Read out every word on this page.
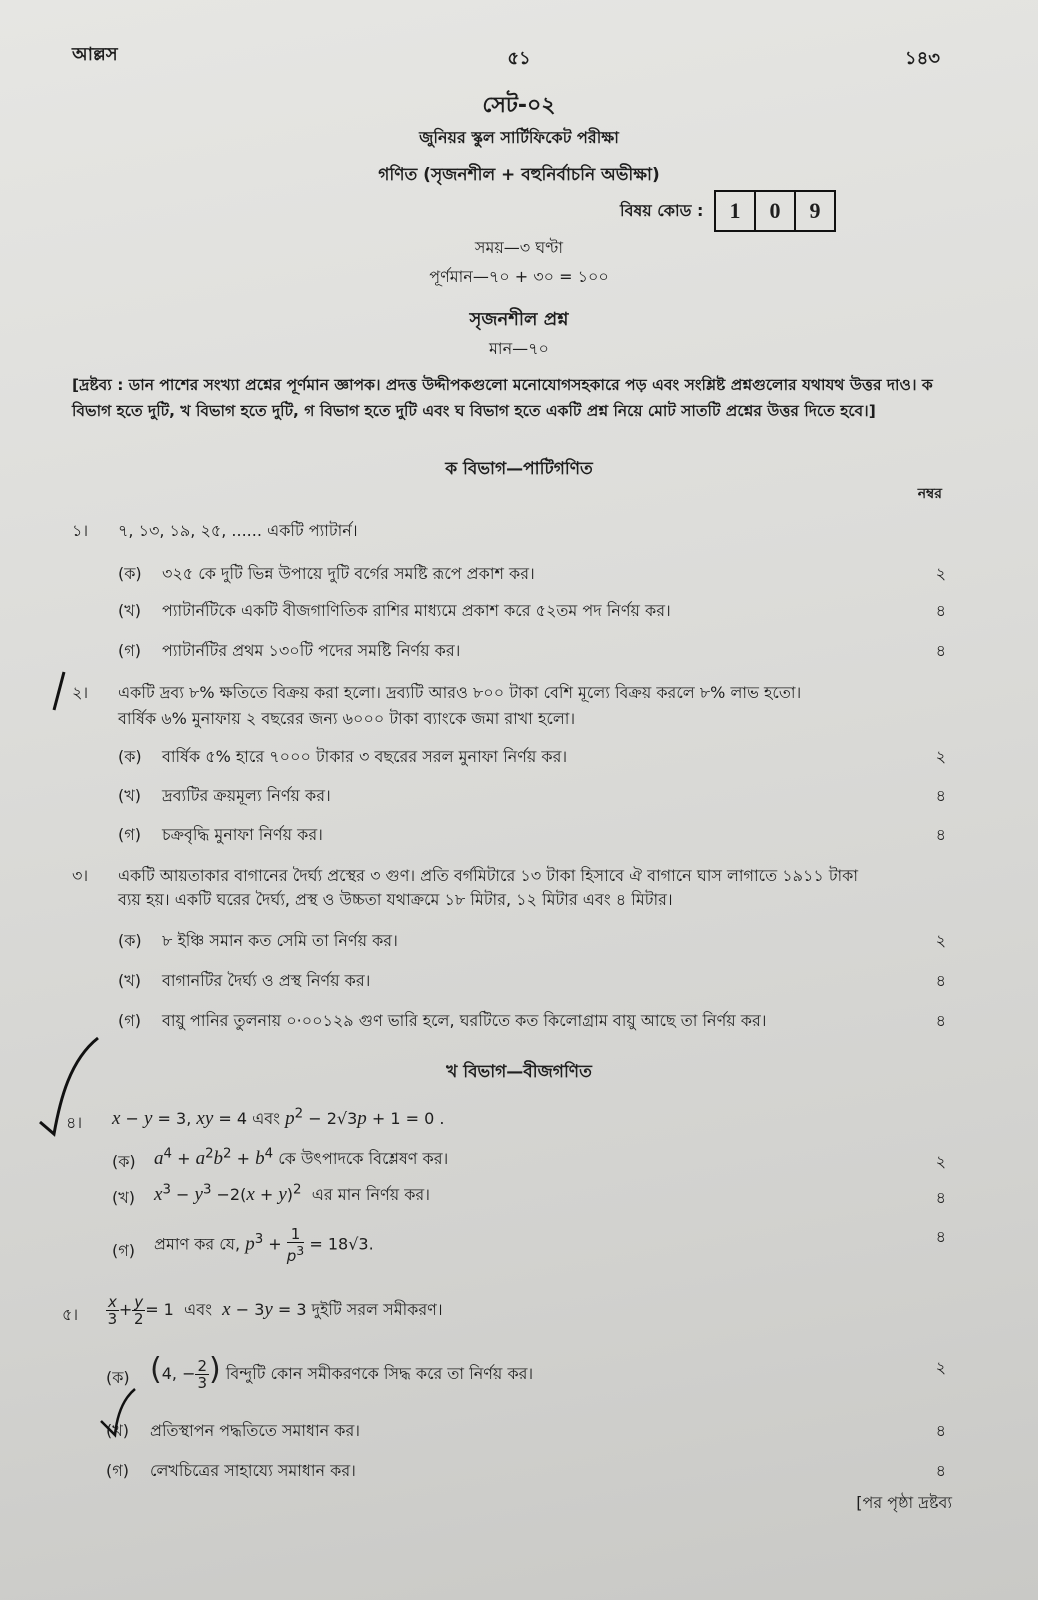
আল্লস	৫১	১৪৩
সেট-০২
জুনিয়র স্কুল সার্টিফিকেট পরীক্ষা
গণিত (সৃজনশীল + বহুনির্বাচনি অভীক্ষা)
বিষয় কোড :	1	0	9
সময়—৩ ঘণ্টা
পূর্ণমান—৭০ + ৩০ = ১০০
সৃজনশীল প্রশ্ন
মান—৭০
[দ্রষ্টব্য : ডান পাশের সংখ্যা প্রশ্নের পূর্ণমান জ্ঞাপক। প্রদত্ত উদ্দীপকগুলো মনোযোগসহকারে পড় এবং সংশ্লিষ্ট প্রশ্নগুলোর যথাযথ উত্তর দাও। ক বিভাগ হতে দুটি, খ বিভাগ হতে দুটি, গ বিভাগ হতে দুটি এবং ঘ বিভাগ হতে একটি প্রশ্ন নিয়ে মোট সাতটি প্রশ্নের উত্তর দিতে হবে।]
ক বিভাগ—পাটিগণিত
নম্বর
১। ৭, ১৩, ১৯, ২৫, ...... একটি প্যাটার্ন।
(ক) ৩২৫ কে দুটি ভিন্ন উপায়ে দুটি বর্গের সমষ্টি রূপে প্রকাশ কর।	২
(খ) প্যাটার্নটিকে একটি বীজগাণিতিক রাশির মাধ্যমে প্রকাশ করে ৫২তম পদ নির্ণয় কর।	৪
(গ) প্যাটার্নটির প্রথম ১৩০টি পদের সমষ্টি নির্ণয় কর।	৪
২। একটি দ্রব্য ৮% ক্ষতিতে বিক্রয় করা হলো। দ্রব্যটি আরও ৮০০ টাকা বেশি মূল্যে বিক্রয় করলে ৮% লাভ হতো।
বার্ষিক ৬% মুনাফায় ২ বছরের জন্য ৬০০০ টাকা ব্যাংকে জমা রাখা হলো।
(ক) বার্ষিক ৫% হারে ৭০০০ টাকার ৩ বছরের সরল মুনাফা নির্ণয় কর।	২
(খ) দ্রব্যটির ক্রয়মূল্য নির্ণয় কর।	৪
(গ) চক্রবৃদ্ধি মুনাফা নির্ণয় কর।	৪
৩। একটি আয়তাকার বাগানের দৈর্ঘ্য প্রস্থের ৩ গুণ। প্রতি বর্গমিটারে ১৩ টাকা হিসাবে ঐ বাগানে ঘাস লাগাতে ১৯১১ টাকা
ব্যয় হয়। একটি ঘরের দৈর্ঘ্য, প্রস্থ ও উচ্চতা যথাক্রমে ১৮ মিটার, ১২ মিটার এবং ৪ মিটার।
(ক) ৮ ইঞ্চি সমান কত সেমি তা নির্ণয় কর।	২
(খ) বাগানটির দৈর্ঘ্য ও প্রস্থ নির্ণয় কর।	৪
(গ) বায়ু পানির তুলনায় ০·০০১২৯ গুণ ভারি হলে, ঘরটিতে কত কিলোগ্রাম বায়ু আছে তা নির্ণয় কর।	৪
খ বিভাগ—বীজগণিত
৪। x − y = 3, xy = 4 এবং $p^2 - 2√3p + 1 = 0$ .
(ক) $a^4 + a^2b^2 + b^4$ কে উৎপাদকে বিশ্লেষণ কর।	২
(খ) $x^3 - y^3 -2(x + y)^2$ এর মান নির্ণয় কর।	৪
(গ) প্রমাণ কর যে, $p^3 + \frac{1}{p^3} = 18√3$.	৪
৫। $\frac{x}{3} + \frac{y}{2} = 1$  এবং x − 3y = 3 দুইটি সরল সমীকরণ।
(ক) (4, − $\frac{2}{3}$ ) বিন্দুটি কোন সমীকরণকে সিদ্ধ করে তা নির্ণয় কর।	২
(খ) প্রতিস্থাপন পদ্ধতিতে সমাধান কর।	৪
(গ) লেখচিত্রের সাহায্যে সমাধান কর।	৪
[পর পৃষ্ঠা দ্রষ্টব্য
